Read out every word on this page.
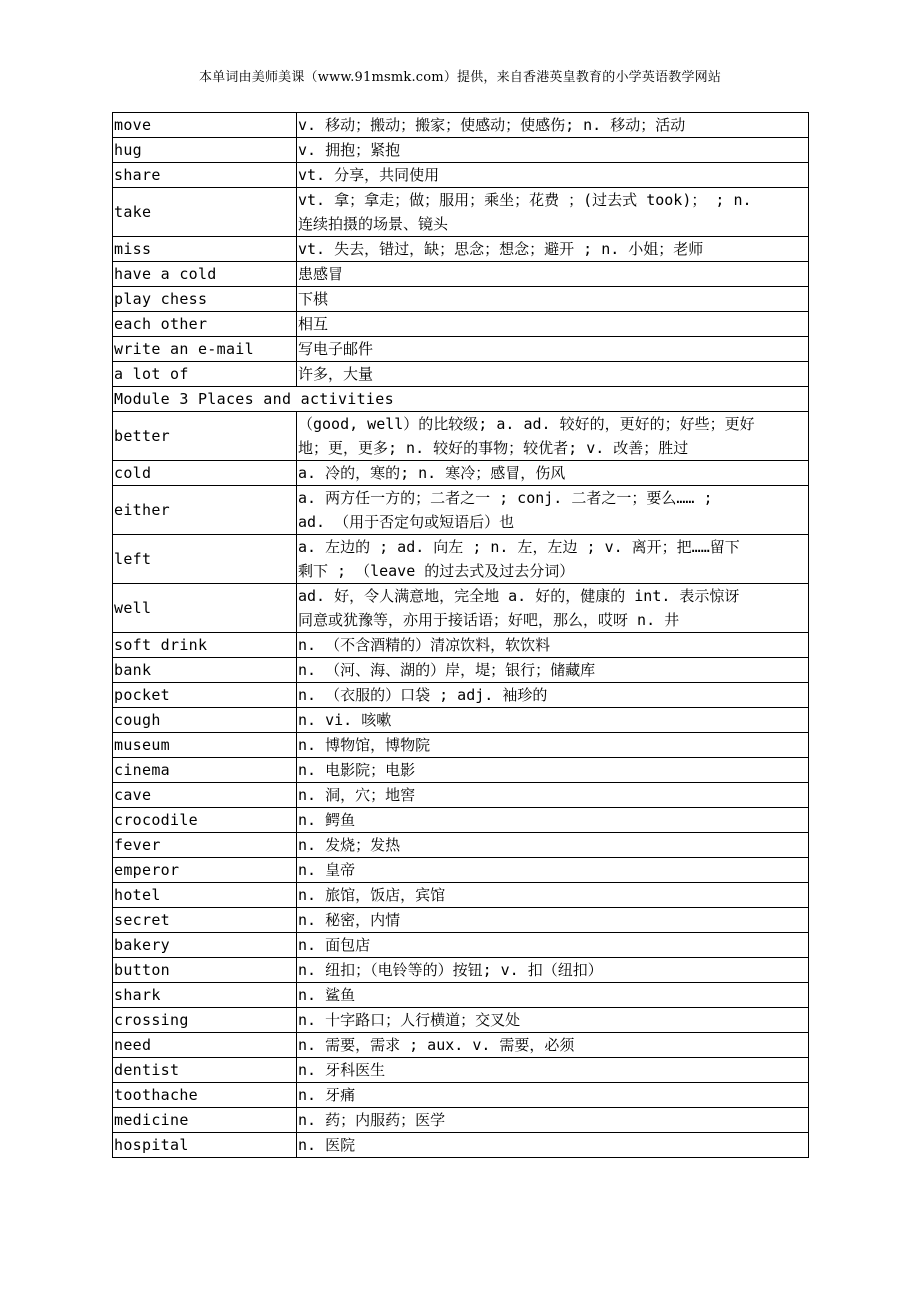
本单词由美师美课（www.91msmk.com）提供，来自香港英皇教育的小学英语教学网站
move	v. 移动；搬动；搬家；使感动；使感伤; n. 移动；活动

hug	v. 拥抱；紧抱

share	vt. 分享，共同使用

take	vt. 拿；拿走；做；服用；乘坐；花费 ；(过去式 took)； ; n.
连续拍摄的场景、镜头

miss	vt. 失去，错过，缺；思念；想念；避开 ; n. 小姐；老师

have a cold	患感冒

play chess	下棋

each other	相互

write an e-mail	写电子邮件

a lot of	许多，大量

Module 3 Places and activities	
better	（good, well）的比较级; a. ad. 较好的，更好的；好些；更好
地；更，更多; n. 较好的事物；较优者; v. 改善；胜过

cold	a. 冷的，寒的; n. 寒冷；感冒，伤风

either	a. 两方任一方的；二者之一 ; conj. 二者之一；要么…… ;
ad. （用于否定句或短语后）也

left	a. 左边的 ; ad. 向左 ; n. 左，左边 ; v. 离开；把……留下
剩下 ; （leave 的过去式及过去分词）

well	ad. 好，令人满意地，完全地 a. 好的，健康的 int. 表示惊讶
同意或犹豫等，亦用于接话语；好吧，那么，哎呀 n. 井

soft drink	n. （不含酒精的）清凉饮料，软饮料

bank	n. （河、海、湖的）岸，堤；银行；储藏库

pocket	n. （衣服的）口袋 ; adj. 袖珍的

cough	n. vi. 咳嗽

museum	n. 博物馆，博物院

cinema	n. 电影院；电影

cave	n. 洞，穴；地窖

crocodile	n. 鳄鱼

fever	n. 发烧；发热

emperor	n. 皇帝

hotel	n. 旅馆，饭店，宾馆

secret	n. 秘密，内情

bakery	n. 面包店

button	n. 纽扣；（电铃等的）按钮; v. 扣（纽扣）

shark	n. 鲨鱼

crossing	n. 十字路口；人行横道；交叉处

need	n. 需要，需求 ; aux. v. 需要，必须

dentist	n. 牙科医生

toothache	n. 牙痛

medicine	n. 药；内服药；医学

hospital	n. 医院
